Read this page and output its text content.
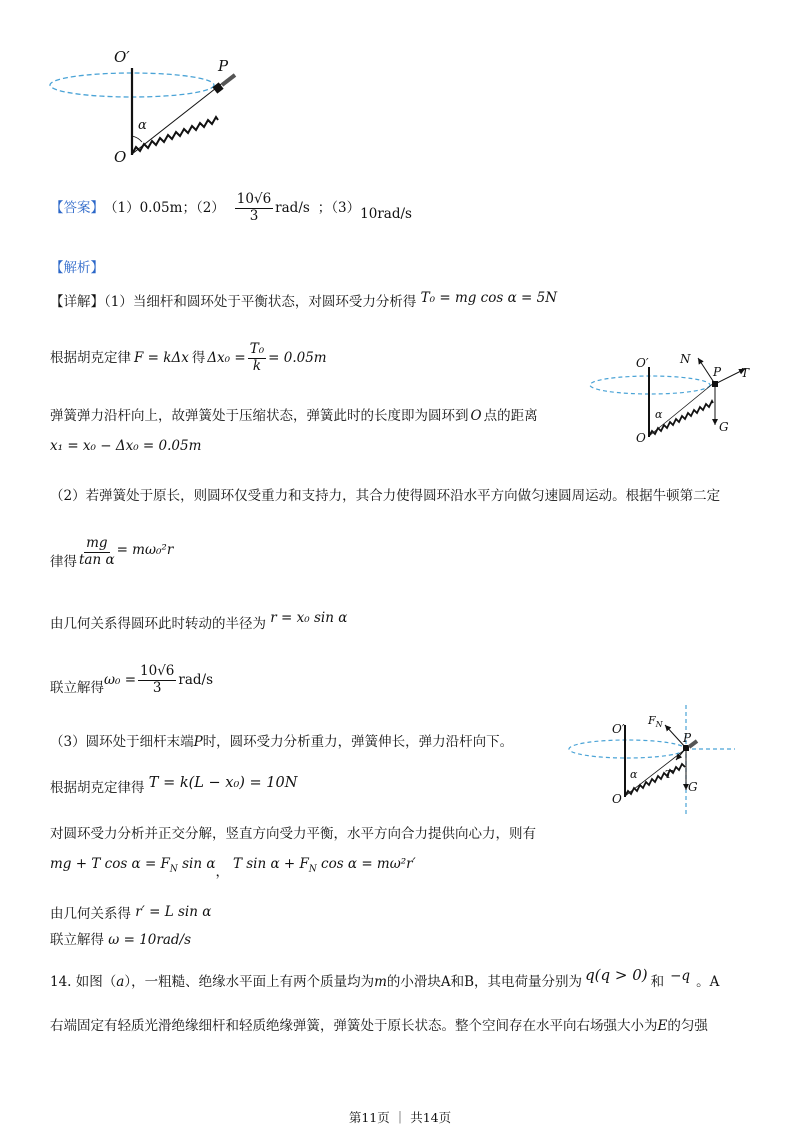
O′	P
α
O
【答案】 （1）0.05m；$(2) \frac{10√6}{3} rad/s$ ；（3） 10rad/s
【解析】
【详解】（1）当细杆和圆环处于平衡状态，对圆环受力分析得 T₀ = mg cos α = 5N
根据胡克定律 F = kΔx 得 $\Delta x_0 = \frac{\text{T₀}}{k} = 0.05m$	O′	N
P T
α
G
O
弹簧弹力沿杆向上，故弹簧处于压缩状态，弹簧此时的长度即为圆环到 O 点的距离
x₁ = x₀ − Δx₀ = 0.05m
（2）若弹簧处于原长，则圆环仅受重力和支持力，其合力使得圆环沿水平方向做匀速圆周运动。根据牛顿第二定
律得 $\frac{mg}{\text{tan α}} = m\omega_0^2r$
由几何关系得圆环此时转动的半径为 r = x₀ sin α
联立解得 $\omega_0 = \frac{10√6}{3} rad/s$
O′
$F_N$
P
T
α
G
O
（3）圆环处于细杆末端P时，圆环受力分析重力，弹簧伸长，弹力沿杆向下。
根据胡克定律得 T = k(L − x₀) = 10N
对圆环受力分析并正交分解，竖直方向受力平衡，水平方向合力提供向心力，则有
mg + T $\cos \alpha = F_N$ sin α， T $\sin \alpha + F_N$ cos α = mω²r′
由几何关系得 r′ = L sin α
联立解得 ω = 10rad/s
14. 如图（a），一粗糙、绝缘水平面上有两个质量均为m的小滑块A和B，其电荷量分别为 q(q > 0) 和 −q 。A
右端固定有轻质光滑绝缘细杆和轻质绝缘弹簧，弹簧处于原长状态。整个空间存在水平向右场强大小为E的匀强
第11页 ｜ 共14页
